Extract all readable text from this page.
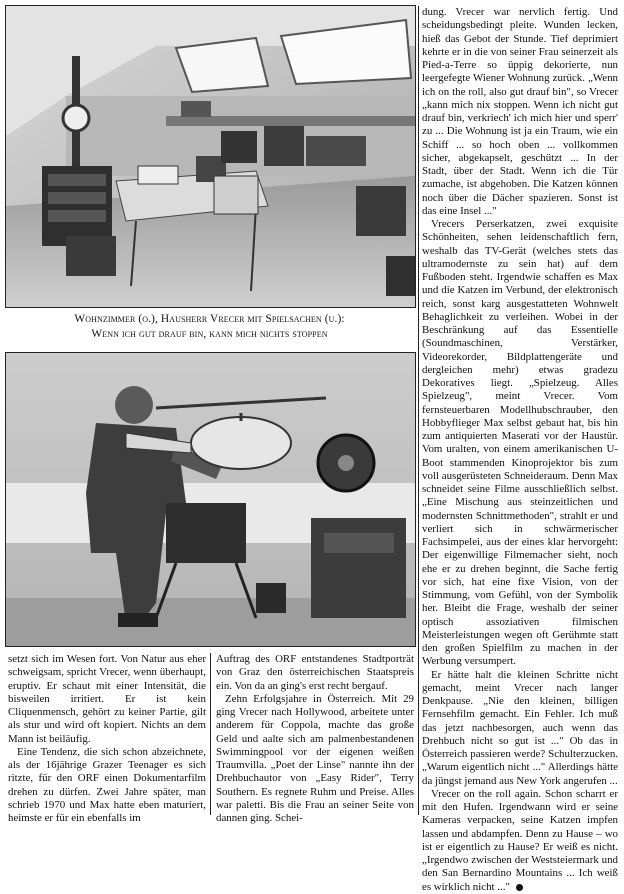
Wohnzimmer (o.), Hausherr Vrecer mit Spielsachen (u.):
Wenn ich gut drauf bin, kann mich nichts stoppen

setzt sich im Wesen fort. Von Natur aus eher schweigsam, spricht Vrecer, wenn überhaupt, eruptiv. Er schaut mit einer Intensität, die bisweilen irritiert. Er ist kein Cliquenmensch, gehört zu keiner Partie, gilt als stur und wird oft kopiert. Nichts an dem Mann ist beiläufig.

Eine Tendenz, die sich schon abzeichnete, als der 16jährige Grazer Teenager es sich ritzte, für den ORF einen Dokumentarfilm drehen zu dürfen. Zwei Jahre später, man schrieb 1970 und Max hatte eben maturiert, heimste er für ein ebenfalls im

Auftrag des ORF entstandenes Stadtporträt von Graz den österreichischen Staatspreis ein. Von da an ging's erst recht bergauf.

Zehn Erfolgsjahre in Österreich. Mit 29 ging Vrecer nach Hollywood, arbeitete unter anderem für Coppola, machte das große Geld und aalte sich am palmenbestandenen Swimmingpool vor der eigenen weißen Traumvilla. „Poet der Linse" nannte ihn der Drehbuchautor von „Easy Rider", Terry Southern. Es regnete Ruhm und Preise. Alles war paletti. Bis die Frau an seiner Seite von dannen ging. Schei-

dung. Vrecer war nervlich fertig. Und scheidungsbedingt pleite. Wunden lecken, hieß das Gebot der Stunde. Tief deprimiert kehrte er in die von seiner Frau seinerzeit als Pied-a-Terre so üppig dekorierte, nun leergefegte Wiener Wohnung zurück. „Wenn ich on the roll, also gut drauf bin", so Vrecer „kann mich nix stoppen. Wenn ich nicht gut drauf bin, verkriech' ich mich hier und sperr' zu ... Die Wohnung ist ja ein Traum, wie ein Schiff ... so hoch oben ... vollkommen sicher, abgekapselt, geschützt ... In der Stadt, über der Stadt. Wenn ich die Tür zumache, ist abgehoben. Die Katzen können noch über die Dächer spazieren. Sonst ist das eine Insel ..."

Vrecers Perserkatzen, zwei exquisite Schönheiten, sehen leidenschaftlich fern, weshalb das TV-Gerät (welches stets das ultramodernste zu sein hat) auf dem Fußboden steht. Irgendwie schaffen es Max und die Katzen im Verbund, der elektronisch reich, sonst karg ausgestatteten Wohnwelt Behaglichkeit zu verleihen. Wobei in der Beschränkung auf das Essentielle (Soundmaschinen, Verstärker, Videorekorder, Bildplattengeräte und dergleichen mehr) etwas gradezu Dekoratives liegt. „Spielzeug. Alles Spielzeug", meint Vrecer. Vom fernsteuerbaren Modellhubschrauber, den Hobbyflieger Max selbst gebaut hat, bis hin zum antiquierten Maserati vor der Haustür. Vom uralten, von einem amerikanischen U-Boot stammenden Kinoprojektor bis zum voll ausgerüsteten Schneideraum. Denn Max schneidet seine Filme ausschließlich selbst. „Eine Mischung aus steinzeitlichen und modernsten Schnittmethoden", strahlt er und verliert sich in schwärmerischer Fachsimpelei, aus der eines klar hervorgeht: Der eigenwillige Filmemacher sieht, noch ehe er zu drehen beginnt, die Sache fertig vor sich, hat eine fixe Vision, von der Stimmung, vom Gefühl, von der Symbolik her. Bleibt die Frage, weshalb der seiner optisch assoziativen filmischen Meisterleistungen wegen oft Gerühmte statt den großen Spielfilm zu machen in der Werbung versumpert.

Er hätte halt die kleinen Schritte nicht gemacht, meint Vrecer nach langer Denkpause. „Nie den kleinen, billigen Fernsehfilm gemacht. Ein Fehler. Ich muß das jetzt nachbesorgen, auch wenn das Drehbuch nicht so gut ist ..." Ob das in Österreich passieren werde? Schulterzucken. „Warum eigentlich nicht ..." Allerdings hätte da jüngst jemand aus New York angerufen ...

Vrecer on the roll again. Schon scharrt er mit den Hufen. Irgendwann wird er seine Kameras verpacken, seine Katzen impfen lassen und abdampfen. Denn zu Hause – wo ist er eigentlich zu Hause? Er weiß es nicht. „Irgendwo zwischen der Weststeiermark und den San Bernardino Mountains ... Ich weiß es wirklich nicht ..."
